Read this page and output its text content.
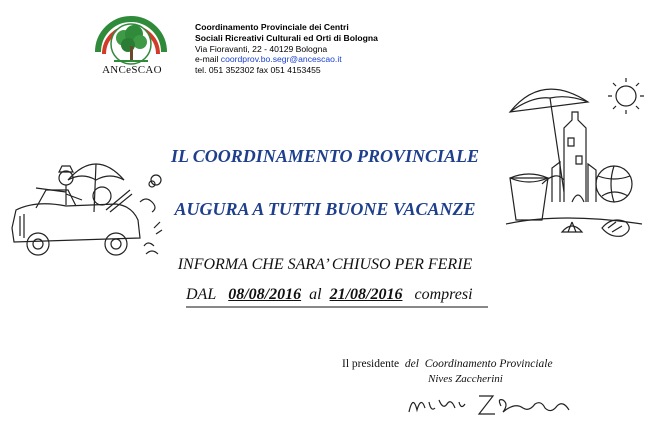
ANCeSCAO
Coordinamento Provinciale dei Centri
Sociali Ricreativi Culturali ed Orti di Bologna
Via Fioravanti, 22 - 40129 Bologna
e-mail coordprov.bo.segr@ancescao.it
tel. 051 352302 fax 051 4153455
IL COORDINAMENTO PROVINCIALE
AUGURA A TUTTI BUONE VACANZE
INFORMA CHE SARA’ CHIUSO PER FERIE
DAL 08/08/2016 al 21/08/2016 compresi
Il presidente del Coordinamento Provinciale
Nives Zaccherini
